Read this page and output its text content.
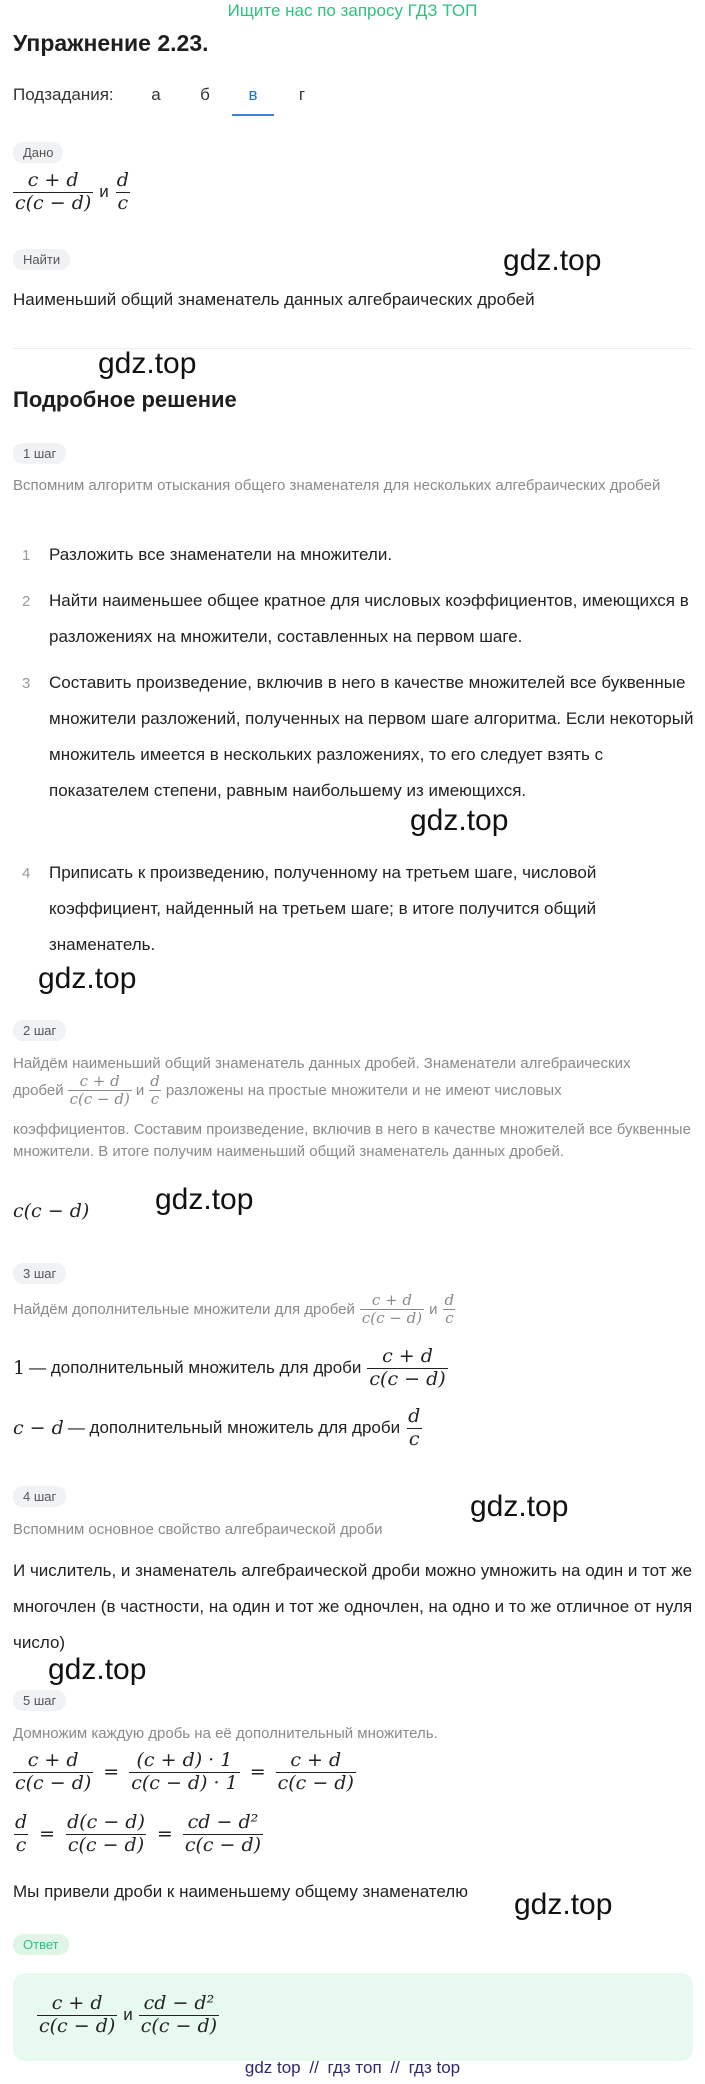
Ищите нас по запросу ГДЗ ТОП
Упражнение 2.23.
Подзадания:	а	б	в	г
Дано
$\frac{c + d}{c(c - d)}$ и $\frac{d}{c}$
Найти	gdz.top
Наименьший общий знаменатель данных алгебраических дробей
gdz.top
Подробное решение
1 шаг
Вспомним алгоритм отыскания общего знаменателя для нескольких алгебраических дробей
1	Разложить все знаменатели на множители.
2	Найти наименьшее общее кратное для числовых коэффициентов, имеющихся в разложениях на множители, составленных на первом шаге.
3	Составить произведение, включив в него в качестве множителей все буквенные множители разложений, полученных на первом шаге алгоритма. Если некоторый множитель имеется в нескольких разложениях, то его следует взять с показателем степени, равным наибольшему из имеющихся.
gdz.top
4	Приписать к произведению, полученному на третьем шаге, числовой коэффициент, найденный на третьем шаге; в итоге получится общий знаменатель.
gdz.top
2 шаг
Найдём наименьший общий знаменатель данных дробей. Знаменатели алгебраических
дробей $\frac{c + d}{c(c - d)}$ и $\frac{d}{c}$ разложены на простые множители и не имеют числовых
коэффициентов. Составим произведение, включив в него в качестве множителей все буквенные множители. В итоге получим наименьший общий знаменатель данных дробей.
c(c − d) gdz.top
3 шаг
Найдём дополнительные множители для дробей $\frac{c + d}{c(c - d)}$ и $\frac{d}{c}$
1 — дополнительный множитель для дроби $\frac{c + d}{c(c - d)}$
c − d — дополнительный множитель для дроби $\frac{d}{c}$
4 шаг
Вспомним основное свойство алгебраической дроби
gdz.top
И числитель, и знаменатель алгебраической дроби можно умножить на один и тот же многочлен (в частности, на один и тот же одночлен, на одно и то же отличное от нуля число)
gdz.top
5 шаг
Домножим каждую дробь на её дополнительный множитель.
$\frac{c + d}{c(c - d)} = \frac{(c + d) \cdot 1}{c(c - d) \cdot 1} = \frac{c + d}{c(c - d)}$
$\frac{d}{c} = \frac{d(c - d)}{c(c - d)} = \frac{\text{cd − d²}}{c(c - d)}$
Мы привели дроби к наименьшему общему знаменателю gdz.top
Ответ
$\frac{c + d}{c(c - d)}$ и $\frac{\text{cd − d²}}{c(c - d)}$
gdz top // гдз топ // гдз top
